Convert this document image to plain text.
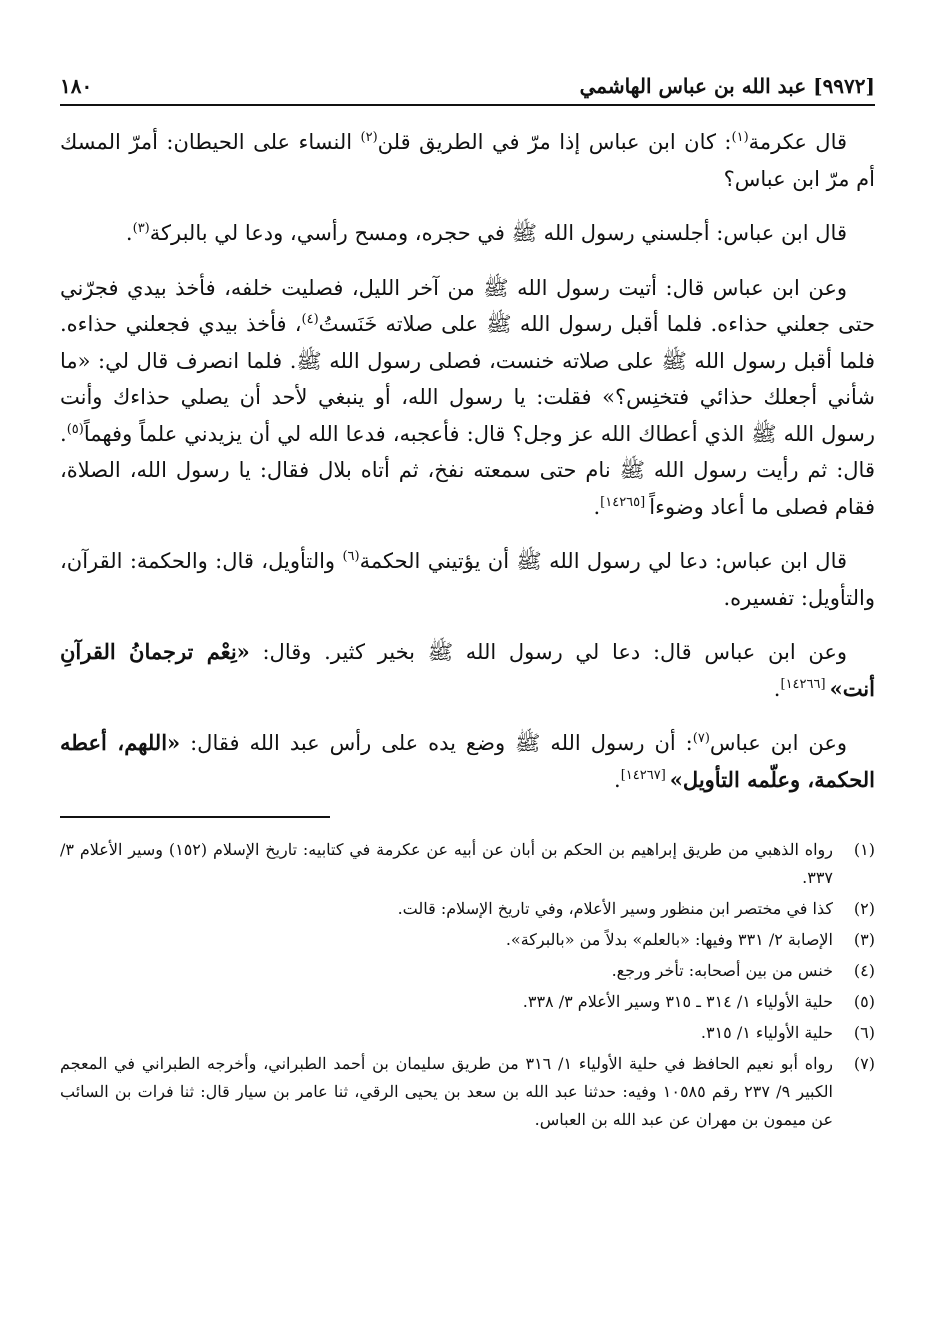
١٨٠	[٩٩٧٢] عبد الله بن عباس الهاشمي

قال عكرمة$^{(١)}$: كان ابن عباس إذا مرّ في الطريق قلن$^{(٢)}$ النساء على الحيطان: أمرّ المسك أم مرّ ابن عباس؟

قال ابن عباس: أجلسني رسول الله ﷺ في حجره، ومسح رأسي، ودعا لي بالبركة$^{(٣)}$.

وعن ابن عباس قال: أتيت رسول الله ﷺ من آخر الليل، فصليت خلفه، فأخذ بيدي فجرّني حتى جعلني حذاءه. فلما أقبل رسول الله ﷺ على صلاته خَنَستُ$^{(٤)}$، فأخذ بيدي فجعلني حذاءه. فلما أقبل رسول الله ﷺ على صلاته خنست، فصلى رسول الله ﷺ. فلما انصرف قال لي: «ما شأني أجعلك حذائي فتخنِس؟» فقلت: يا رسول الله، أو ينبغي لأحد أن يصلي حذاءك وأنت رسول الله ﷺ الذي أعطاك الله عز وجل؟ قال: فأعجبه، فدعا الله لي أن يزيدني علماً وفهماً$^{(٥)}$. قال: ثم رأيت رسول الله ﷺ نام حتى سمعته نفخ، ثم أتاه بلال فقال: يا رسول الله، الصلاة، فقام فصلى ما أعاد وضوءاً[١٤٢٦٥].

قال ابن عباس: دعا لي رسول الله ﷺ أن يؤتيني الحكمة$^{(٦)}$ والتأويل، قال: والحكمة: القرآن، والتأويل: تفسيره.

وعن ابن عباس قال: دعا لي رسول الله ﷺ بخير كثير. وقال: «نِعْم ترجمانُ القرآنِ أنت»[١٤٢٦٦].

وعن ابن عباس$^{(٧)}$: أن رسول الله ﷺ وضع يده على رأس عبد الله فقال: «اللهم، أعطه الحكمة، وعلّمه التأويل»[١٤٢٦٧].

(١)
رواه الذهبي من طريق إبراهيم بن الحكم بن أبان عن أبيه عن عكرمة في كتابيه: تاريخ الإسلام (١٥٢) وسير الأعلام ٣/ ٣٣٧.
(٢)
كذا في مختصر ابن منظور وسير الأعلام، وفي تاريخ الإسلام: قالت.
(٣)
الإصابة ٢/ ٣٣١ وفيها: «بالعلم» بدلاً من «بالبركة».
(٤)
خنس من بين أصحابه: تأخر ورجع.
(٥)
حلية الأولياء ١/ ٣١٤ ـ ٣١٥ وسير الأعلام ٣/ ٣٣٨.
(٦)
حلية الأولياء ١/ ٣١٥.
(٧)
رواه أبو نعيم الحافظ في حلية الأولياء ١/ ٣١٦ من طريق سليمان بن أحمد الطبراني، وأخرجه الطبراني في المعجم الكبير ٩/ ٢٣٧ رقم ١٠٥٨٥ وفيه: حدثنا عبد الله بن سعد بن يحيى الرقي، ثنا عامر بن سيار قال: ثنا فرات بن السائب عن ميمون بن مهران عن عبد الله بن العباس.
